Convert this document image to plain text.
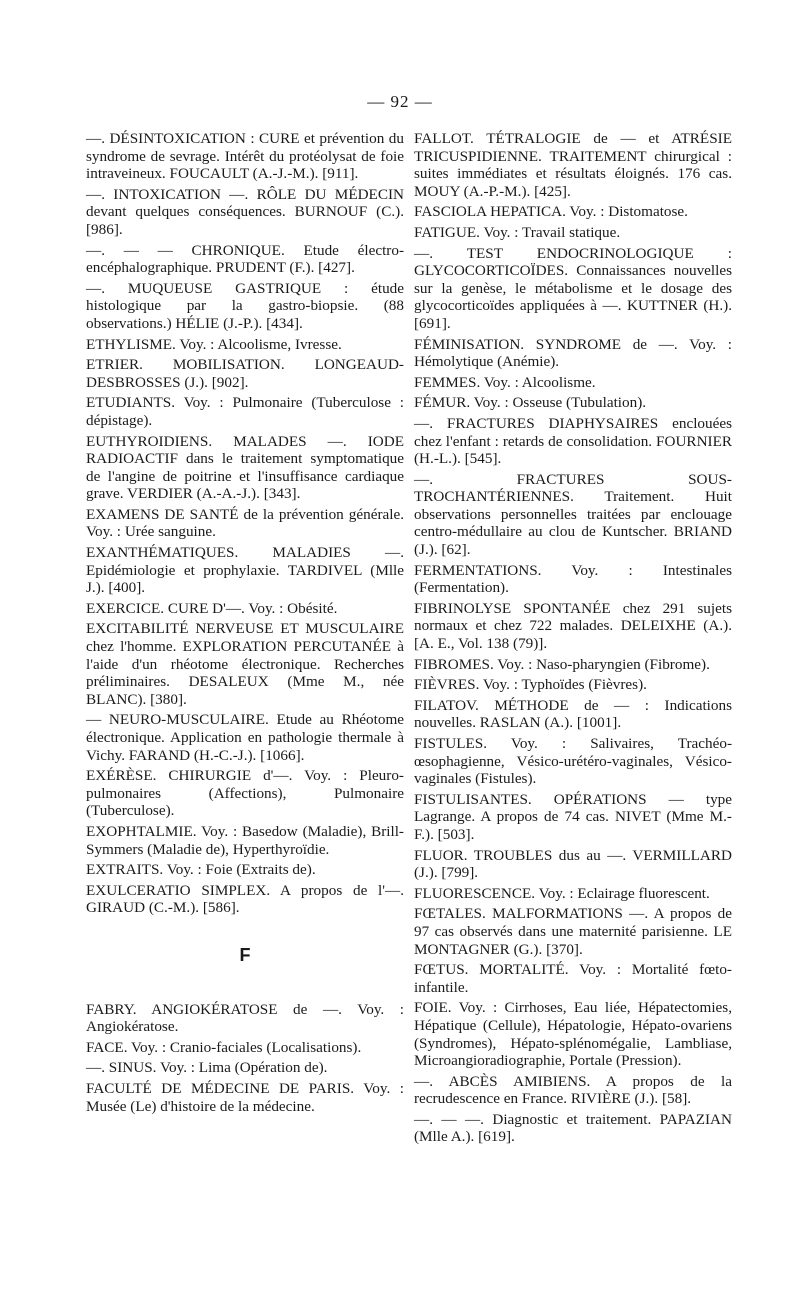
— 92 —

—. DÉSINTOXICATION : CURE et prévention du syndrome de sevrage. Intérêt du protéolysat de foie intraveineux. FOUCAULT (A.-J.-M.). [911].

—. INTOXICATION —. RÔLE DU MÉDECIN devant quelques conséquences. BURNOUF (C.). [986].

—. — — CHRONIQUE. Etude électro-encéphalographique. PRUDENT (F.). [427].

—. MUQUEUSE GASTRIQUE : étude histologique par la gastro-biopsie. (88 observations.) HÉLIE (J.-P.). [434].

ETHYLISME. Voy. : Alcoolisme, Ivresse.

ETRIER. MOBILISATION. LONGEAUD-DESBROSSES (J.). [902].

ETUDIANTS. Voy. : Pulmonaire (Tuberculose : dépistage).

EUTHYROIDIENS. MALADES —. IODE RADIOACTIF dans le traitement symptomatique de l'angine de poitrine et l'insuffisance cardiaque grave. VERDIER (A.-A.-J.). [343].

EXAMENS DE SANTÉ de la prévention générale. Voy. : Urée sanguine.

EXANTHÉMATIQUES. MALADIES —. Epidémiologie et prophylaxie. TARDIVEL (Mlle J.). [400].

EXERCICE. CURE D'—. Voy. : Obésité.

EXCITABILITÉ NERVEUSE ET MUSCULAIRE chez l'homme. EXPLORATION PERCUTANÉE à l'aide d'un rhéotome électronique. Recherches préliminaires. DESALEUX (Mme M., née BLANC). [380].

— NEURO-MUSCULAIRE. Etude au Rhéotome électronique. Application en pathologie thermale à Vichy. FARAND (H.-C.-J.). [1066].

EXÉRÈSE. CHIRURGIE d'—. Voy. : Pleuro-pulmonaires (Affections), Pulmonaire (Tuberculose).

EXOPHTALMIE. Voy. : Basedow (Maladie), Brill-Symmers (Maladie de), Hyperthyroïdie.

EXTRAITS. Voy. : Foie (Extraits de).

EXULCERATIO SIMPLEX. A propos de l'—. GIRAUD (C.-M.). [586].

F

FABRY. ANGIOKÉRATOSE de —. Voy. : Angiokératose.

FACE. Voy. : Cranio-faciales (Localisations).

—. SINUS. Voy. : Lima (Opération de).

FACULTÉ DE MÉDECINE DE PARIS. Voy. : Musée (Le) d'histoire de la médecine.

FALLOT. TÉTRALOGIE de — et ATRÉSIE TRICUSPIDIENNE. TRAITEMENT chirurgical : suites immédiates et résultats éloignés. 176 cas. MOUY (A.-P.-M.). [425].

FASCIOLA HEPATICA. Voy. : Distomatose.

FATIGUE. Voy. : Travail statique.

—. TEST ENDOCRINOLOGIQUE : GLYCOCORTICOÏDES. Connaissances nouvelles sur la genèse, le métabolisme et le dosage des glycocorticoïdes appliquées à —. KUTTNER (H.). [691].

FÉMINISATION. SYNDROME de —. Voy. : Hémolytique (Anémie).

FEMMES. Voy. : Alcoolisme.

FÉMUR. Voy. : Osseuse (Tubulation).

—. FRACTURES DIAPHYSAIRES enclouées chez l'enfant : retards de consolidation. FOURNIER (H.-L.). [545].

—. FRACTURES SOUS-TROCHANTÉRIENNES. Traitement. Huit observations personnelles traitées par enclouage centro-médullaire au clou de Kuntscher. BRIAND (J.). [62].

FERMENTATIONS. Voy. : Intestinales (Fermentation).

FIBRINOLYSE SPONTANÉE chez 291 sujets normaux et chez 722 malades. DELEIXHE (A.). [A. E., Vol. 138 (79)].

FIBROMES. Voy. : Naso-pharyngien (Fibrome).

FIÈVRES. Voy. : Typhoïdes (Fièvres).

FILATOV. MÉTHODE de — : Indications nouvelles. RASLAN (A.). [1001].

FISTULES. Voy. : Salivaires, Trachéo-œsophagienne, Vésico-urétéro-vaginales, Vésico-vaginales (Fistules).

FISTULISANTES. OPÉRATIONS — type Lagrange. A propos de 74 cas. NIVET (Mme M.-F.). [503].

FLUOR. TROUBLES dus au —. VERMILLARD (J.). [799].

FLUORESCENCE. Voy. : Eclairage fluorescent.

FŒTALES. MALFORMATIONS —. A propos de 97 cas observés dans une maternité parisienne. LE MONTAGNER (G.). [370].

FŒTUS. MORTALITÉ. Voy. : Mortalité fœto-infantile.

FOIE. Voy. : Cirrhoses, Eau liée, Hépatectomies, Hépatique (Cellule), Hépatologie, Hépato-ovariens (Syndromes), Hépato-splénomégalie, Lambliase, Microangioradiographie, Portale (Pression).

—. ABCÈS AMIBIENS. A propos de la recrudescence en France. RIVIÈRE (J.). [58].

—. — —. Diagnostic et traitement. PAPAZIAN (Mlle A.). [619].
